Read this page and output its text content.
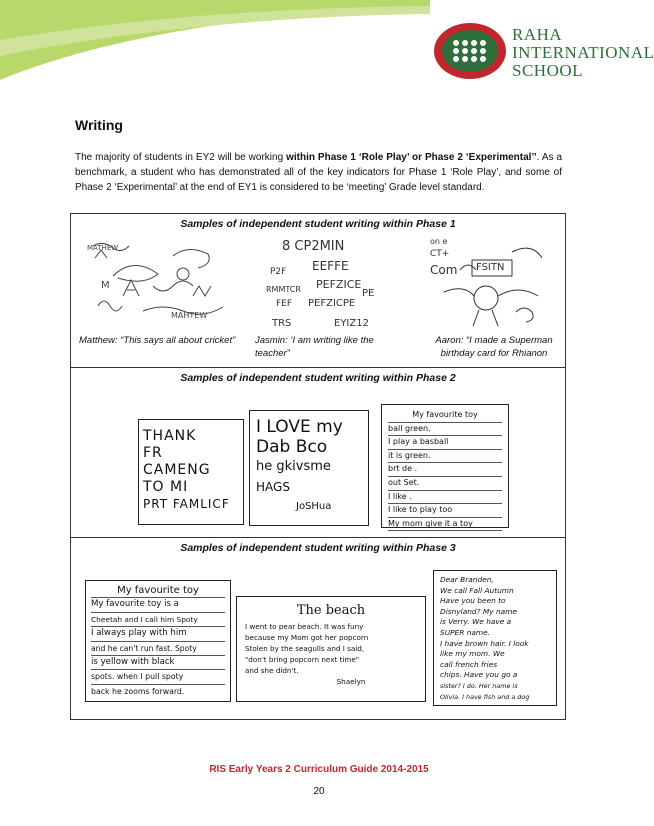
RAHA
INTERNATIONAL
SCHOOL
Writing
The majority of students in EY2 will be working within Phase 1 ‘Role Play’ or Phase 2 ‘Experimental’’. As a benchmark, a student who has demonstrated all of the key indicators for Phase 1 ‘Role Play’, and some of Phase 2 ‘Experimental’ at the end of EY1 is considered to be ‘meeting’ Grade level standard.
Samples of independent student writing within Phase 1
M
MAHTEW
MATHEW	8 CP2MIN
P2F EEFFE
RMMTCR PEFZICE
FEF PEFZICPE
TRS	EYIZ12
PE
on e
CT+
Com FSITN
Matthew: “This says all about cricket”	Jasmin: ‘I am writing like the teacher”
Aaron: “I made a Superman birthday card for Rhianon
Samples of independent student writing within Phase 2
THANK
FR
CAMENG
TO MI
PRT FAMLICF
I LOVE my
Dab Bco
he gkivsme
HAGS
JoSHua
My favourite toy
ball green.
I play a basball
it is green.
brt de .
out Set.
I like .
I like to play too
My mom give it a toy
Samples of independent student writing within Phase 3
My favourite toy
My favourite toy is a
Cheetah and I call him Spoty
I always play with him
and he can't run fast. Spoty
is yellow with black
spots. when I pull spoty
back he zooms forward.
The beach
I went to pear beach. It was funy
because my Mom got her popcorn
Stolen by the seagulls and I said,
"don't bring popcorn next time"
and she didn't.
Shaelyn
Dear Branden,
We call Fall Autumn
Have you been to
Disnyland? My name
is Verry. We have a
SUPER name.
I have brown hair. I look
like my mom. We
call french fries
chips. Have you go a
sister? I do. Her name is
Olivia. I have fish and a dog
RIS Early Years 2 Curriculum Guide 2014-2015
20
